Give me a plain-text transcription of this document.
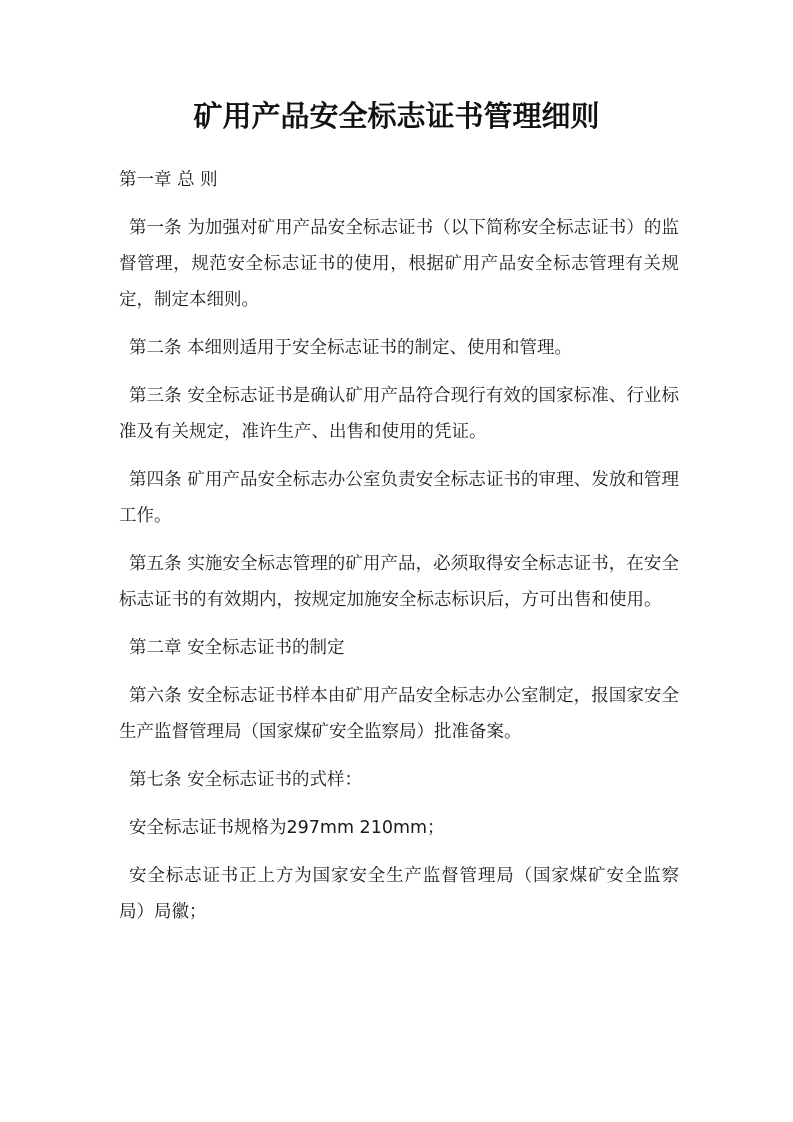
矿用产品安全标志证书管理细则

第一章 总 则

第一条 为加强对矿用产品安全标志证书（以下简称安全标志证书）的监督管理，规范安全标志证书的使用，根据矿用产品安全标志管理有关规定，制定本细则。

第二条 本细则适用于安全标志证书的制定、使用和管理。

第三条 安全标志证书是确认矿用产品符合现行有效的国家标准、行业标准及有关规定，准许生产、出售和使用的凭证。

第四条 矿用产品安全标志办公室负责安全标志证书的审理、发放和管理工作。

第五条 实施安全标志管理的矿用产品，必须取得安全标志证书，在安全标志证书的有效期内，按规定加施安全标志标识后，方可出售和使用。

第二章 安全标志证书的制定

第六条 安全标志证书样本由矿用产品安全标志办公室制定，报国家安全生产监督管理局（国家煤矿安全监察局）批准备案。

第七条 安全标志证书的式样：

安全标志证书规格为297mm 210mm；

安全标志证书正上方为国家安全生产监督管理局（国家煤矿安全监察局）局徽；
